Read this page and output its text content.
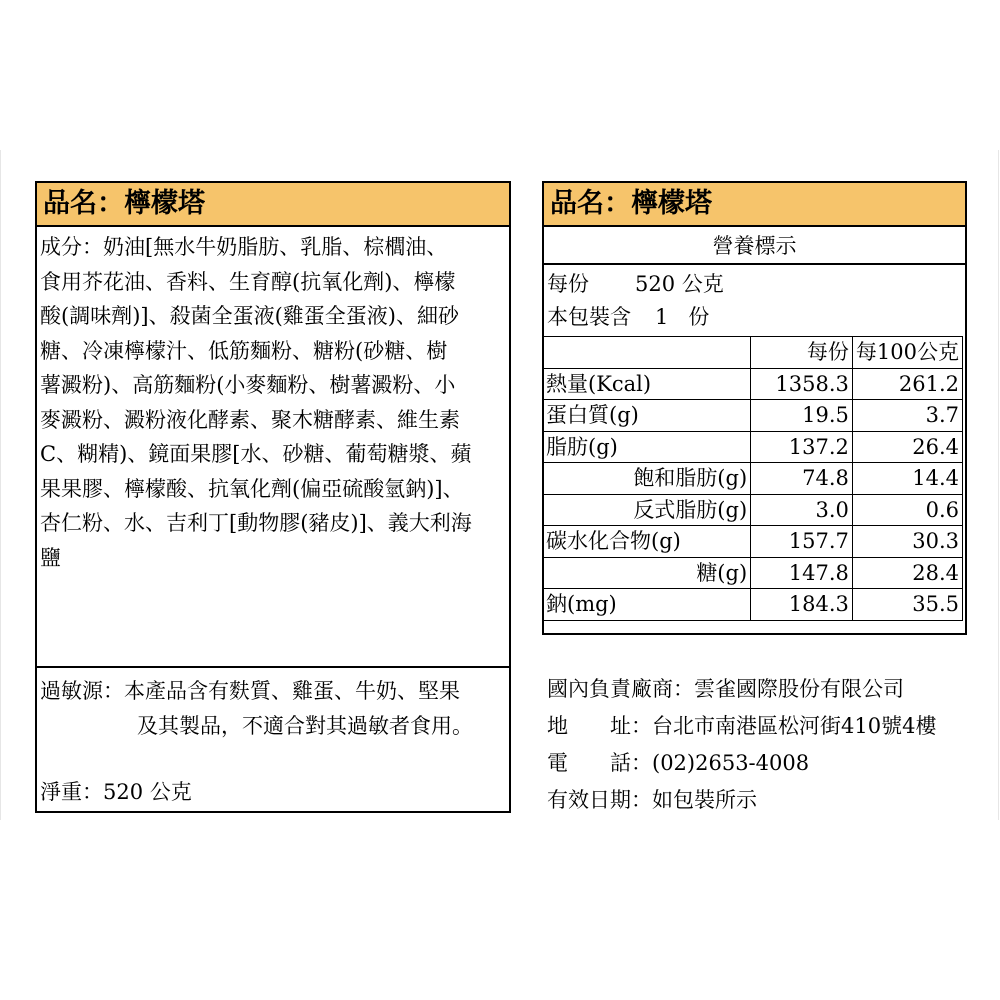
品名：檸檬塔
成分：奶油[無水牛奶脂肪、乳脂、棕櫚油、
食用芥花油、香料、生育醇(抗氧化劑)、檸檬
酸(調味劑)]、殺菌全蛋液(雞蛋全蛋液)、細砂
糖、冷凍檸檬汁、低筋麵粉、糖粉(砂糖、樹
薯澱粉)、高筋麵粉(小麥麵粉、樹薯澱粉、小
麥澱粉、澱粉液化酵素、聚木糖酵素、維生素
C、糊精)、鏡面果膠[水、砂糖、葡萄糖漿、蘋
果果膠、檸檬酸、抗氧化劑(偏亞硫酸氫鈉)]、
杏仁粉、水、吉利丁[動物膠(豬皮)]、義大利海
鹽
過敏源：本產品含有麩質、雞蛋、牛奶、堅果
及其製品，不適合對其過敏者食用。
淨重：520 公克
品名：檸檬塔
營養標示
每份 520 公克
本包裝含 1 份
	每份	每100公克
熱量(Kcal)	1358.3	261.2
蛋白質(g)	19.5	3.7
脂肪(g)	137.2	26.4
飽和脂肪(g)	74.8	14.4
反式脂肪(g)	3.0	0.6
碳水化合物(g)	157.7	30.3
糖(g)	147.8	28.4
鈉(mg)	184.3	35.5
國內負責廠商：雲雀國際股份有限公司
地 址：台北市南港區松河街410號4樓
電 話：(02)2653-4008
有效日期：如包裝所示
